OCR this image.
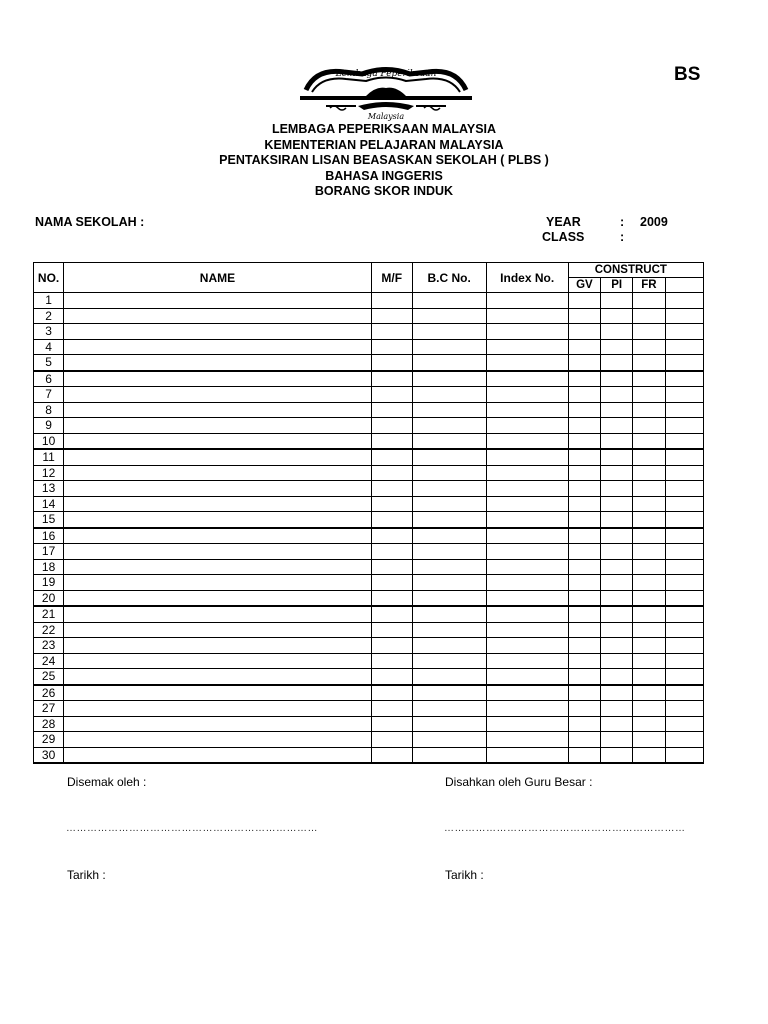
BS
Lembaga Peperiksaan
Malaysia
LEMBAGA PEPERIKSAAN MALAYSIA
KEMENTERIAN PELAJARAN MALAYSIA
PENTAKSIRAN LISAN BEASASKAN SEKOLAH ( PLBS )
BAHASA INGGERIS
BORANG SKOR INDUK
NAMA SEKOLAH :	YEAR	: 2009
CLASS	:
NO.	NAME	M/F	B.C No.	Index No.	CONSTRUCT			
					GV	PI	FR	
1								
2								
3								
4								
5								
6								
7								
8								
9								
10								
11								
12								
13								
14								
15								
16								
17								
18								
19								
20								
21								
22								
23								
24								
25								
26								
27								
28								
29								
30								
Disemak oleh :	Disahkan oleh Guru Besar :
………………………………………………………………	……………………………………………………………
Tarikh :	Tarikh :
